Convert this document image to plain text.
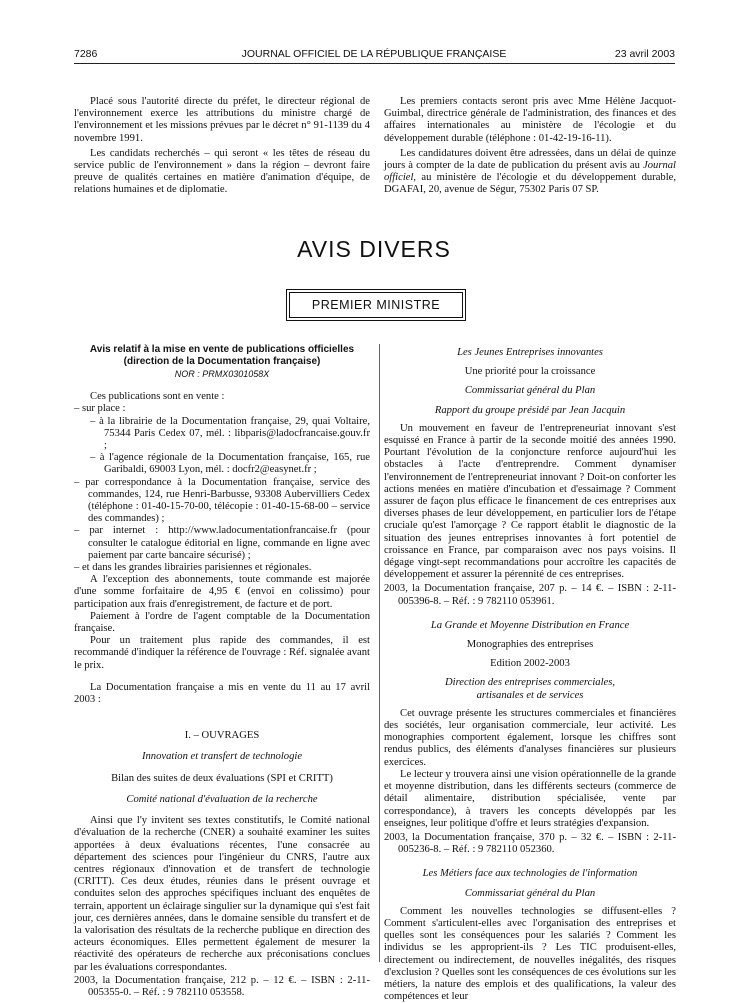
7286	JOURNAL OFFICIEL DE LA RÉPUBLIQUE FRANÇAISE	23 avril 2003

Placé sous l'autorité directe du préfet, le directeur régional de l'environnement exerce les attributions du ministre chargé de l'environnement et les missions prévues par le décret n° 91-1139 du 4 novembre 1991.

Les candidats recherchés – qui seront « les têtes de réseau du service public de l'environnement » dans la région – devront faire preuve de qualités certaines en matière d'animation d'équipe, de relations humaines et de diplomatie.

Les premiers contacts seront pris avec Mme Hélène Jacquot-Guimbal, directrice générale de l'administration, des finances et des affaires internationales au ministère de l'écologie et du développement durable (téléphone : 01-42-19-16-11).

Les candidatures doivent être adressées, dans un délai de quinze jours à compter de la date de publication du présent avis au Journal officiel, au ministère de l'écologie et du développement durable, DGAFAI, 20, avenue de Ségur, 75302 Paris 07 SP.

AVIS DIVERS
PREMIER MINISTRE

Avis relatif à la mise en vente de publications officielles

(direction de la Documentation française)

NOR : PRMX0301058X

Ces publications sont en vente :

– sur place :

– à la librairie de la Documentation française, 29, quai Voltaire, 75344 Paris Cedex 07, mél. : libparis@ladocfrancaise.gouv.fr ;

– à l'agence régionale de la Documentation française, 165, rue Garibaldi, 69003 Lyon, mél. : docfr2@easynet.fr ;

– par correspondance à la Documentation française, service des commandes, 124, rue Henri-Barbusse, 93308 Aubervilliers Cedex (téléphone : 01-40-15-70-00, télécopie : 01-40-15-68-00 – service des commandes) ;

– par internet : http://www.ladocumentationfrancaise.fr (pour consulter le catalogue éditorial en ligne, commande en ligne avec paiement par carte bancaire sécurisé) ;

– et dans les grandes librairies parisiennes et régionales.

A l'exception des abonnements, toute commande est majorée d'une somme forfaitaire de 4,95 € (envoi en colissimo) pour participation aux frais d'enregistrement, de facture et de port.

Paiement à l'ordre de l'agent comptable de la Documentation française.

Pour un traitement plus rapide des commandes, il est recommandé d'indiquer la référence de l'ouvrage : Réf. signalée avant le prix.

La Documentation française a mis en vente du 11 au 17 avril 2003 :

I. – OUVRAGES

Innovation et transfert de technologie

Bilan des suites de deux évaluations (SPI et CRITT)

Comité national d'évaluation de la recherche

Ainsi que l'y invitent ses textes constitutifs, le Comité national d'évaluation de la recherche (CNER) a souhaité examiner les suites apportées à deux évaluations récentes, l'une consacrée au département des sciences pour l'ingénieur du CNRS, l'autre aux centres régionaux d'innovation et de transfert de technologie (CRITT). Ces deux études, réunies dans le présent ouvrage et conduites selon des approches spécifiques incluant des enquêtes de terrain, apportent un éclairage singulier sur la dynamique qui s'est fait jour, ces dernières années, dans le domaine sensible du transfert et de la valorisation des résultats de la recherche publique en direction des acteurs économiques. Elles permettent également de mesurer la réactivité des opérateurs de recherche aux préconisations conclues par les évaluations correspondantes.

2003, la Documentation française, 212 p. – 12 €. – ISBN : 2-11-005355-0. – Réf. : 9 782110 053558.

Les Jeunes Entreprises innovantes

Une priorité pour la croissance

Commissariat général du Plan

Rapport du groupe présidé par Jean Jacquin

Un mouvement en faveur de l'entrepreneuriat innovant s'est esquissé en France à partir de la seconde moitié des années 1990. Pourtant l'évolution de la conjoncture renforce aujourd'hui les obstacles à l'acte d'entreprendre. Comment dynamiser l'environnement de l'entrepreneuriat innovant ? Doit-on conforter les actions menées en matière d'incubation et d'essaimage ? Comment assurer de façon plus efficace le financement de ces entreprises aux diverses phases de leur développement, en particulier lors de l'étape cruciale qu'est l'amorçage ? Ce rapport établit le diagnostic de la situation des jeunes entreprises innovantes à fort potentiel de croissance en France, par comparaison avec nos pays voisins. Il dégage vingt-sept recommandations pour accroître les capacités de développement et assurer la pérennité de ces entreprises.

2003, la Documentation française, 207 p. – 14 €. – ISBN : 2-11-005396-8. – Réf. : 9 782110 053961.

La Grande et Moyenne Distribution en France

Monographies des entreprises

Edition 2002-2003

Direction des entreprises commerciales,

artisanales et de services

Cet ouvrage présente les structures commerciales et financières des sociétés, leur organisation commerciale, leur activité. Les monographies comportent également, lorsque les chiffres sont rendus publics, des éléments d'analyses financières sur plusieurs exercices.

Le lecteur y trouvera ainsi une vision opérationnelle de la grande et moyenne distribution, dans les différents secteurs (commerce de détail alimentaire, distribution spécialisée, vente par correspondance), à travers les concepts développés par les enseignes, leur politique d'offre et leurs stratégies d'expansion.

2003, la Documentation française, 370 p. – 32 €. – ISBN : 2-11-005236-8. – Réf. : 9 782110 052360.

Les Métiers face aux technologies de l'information

Commissariat général du Plan

Comment les nouvelles technologies se diffusent-elles ? Comment s'articulent-elles avec l'organisation des entreprises et quelles sont les conséquences pour les salariés ? Comment les individus se les approprient-ils ? Les TIC produisent-elles, directement ou indirectement, de nouvelles inégalités, des risques d'exclusion ? Quelles sont les conséquences de ces évolutions sur les métiers, la nature des emplois et des qualifications, la valeur des compétences et leur
